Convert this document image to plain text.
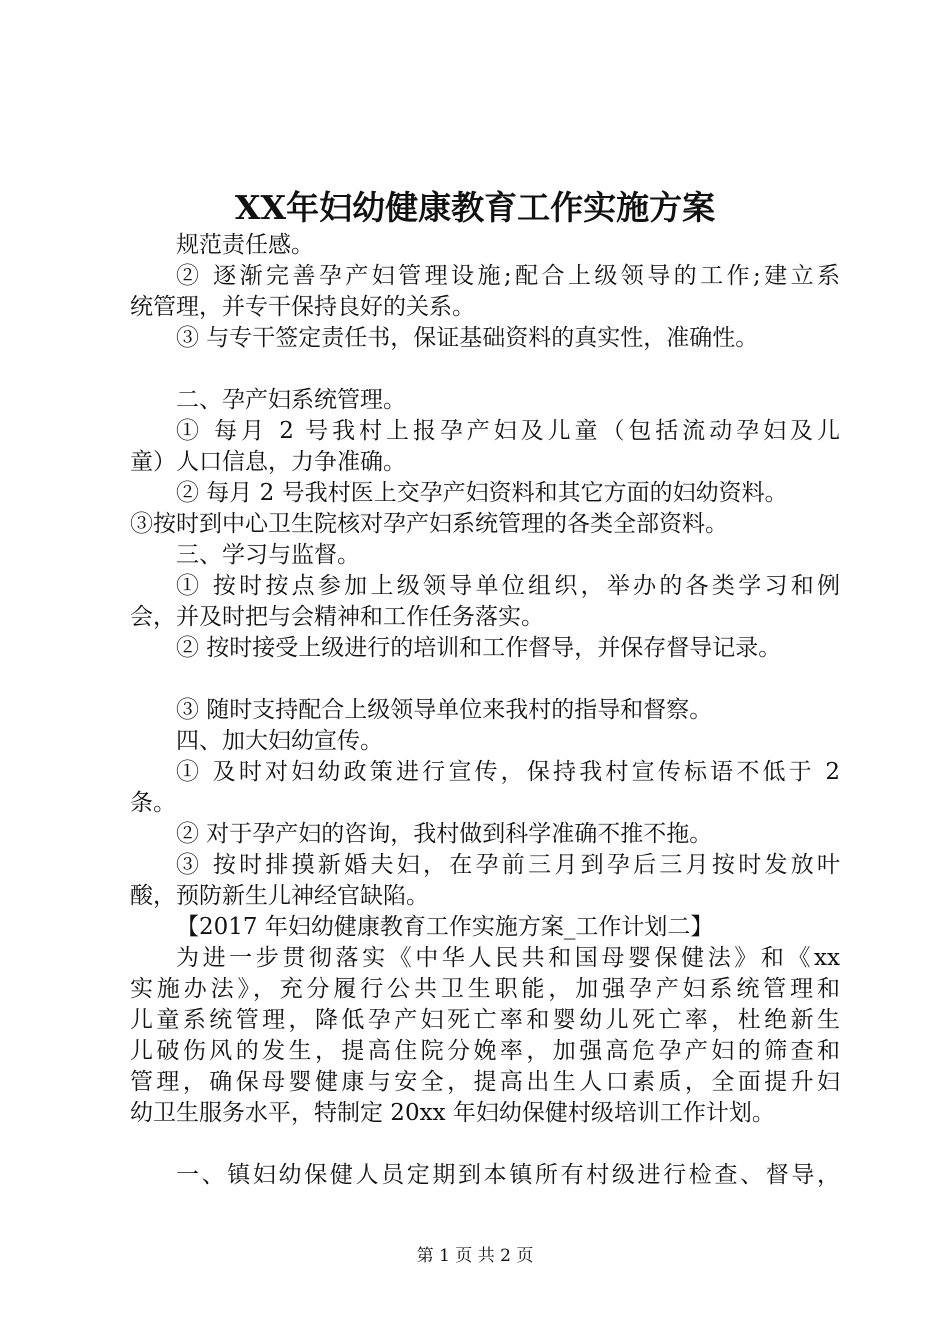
XX年妇幼健康教育工作实施方案
规范责任感。
② 逐渐完善孕产妇管理设施;配合上级领导的工作;建立系
统管理，并专干保持良好的关系。
③ 与专干签定责任书，保证基础资料的真实性，准确性。
二、孕产妇系统管理。
① 每月 2 号我村上报孕产妇及儿童（包括流动孕妇及儿
童）人口信息，力争准确。
② 每月 2 号我村医上交孕产妇资料和其它方面的妇幼资料。
③按时到中心卫生院核对孕产妇系统管理的各类全部资料。
三、学习与监督。
① 按时按点参加上级领导单位组织，举办的各类学习和例
会，并及时把与会精神和工作任务落实。
② 按时接受上级进行的培训和工作督导，并保存督导记录。
③ 随时支持配合上级领导单位来我村的指导和督察。
四、加大妇幼宣传。
① 及时对妇幼政策进行宣传，保持我村宣传标语不低于 2
条。
② 对于孕产妇的咨询，我村做到科学准确不推不拖。
③ 按时排摸新婚夫妇，在孕前三月到孕后三月按时发放叶
酸，预防新生儿神经官缺陷。
【2017 年妇幼健康教育工作实施方案_工作计划二】
为进一步贯彻落实《中华人民共和国母婴保健法》和《xx
实施办法》，充分履行公共卫生职能，加强孕产妇系统管理和
儿童系统管理，降低孕产妇死亡率和婴幼儿死亡率，杜绝新生
儿破伤风的发生，提高住院分娩率，加强高危孕产妇的筛查和
管理，确保母婴健康与安全，提高出生人口素质，全面提升妇
幼卫生服务水平，特制定 20xx 年妇幼保健村级培训工作计划。
一、镇妇幼保健人员定期到本镇所有村级进行检查、督导，
第 1 页 共 2 页
